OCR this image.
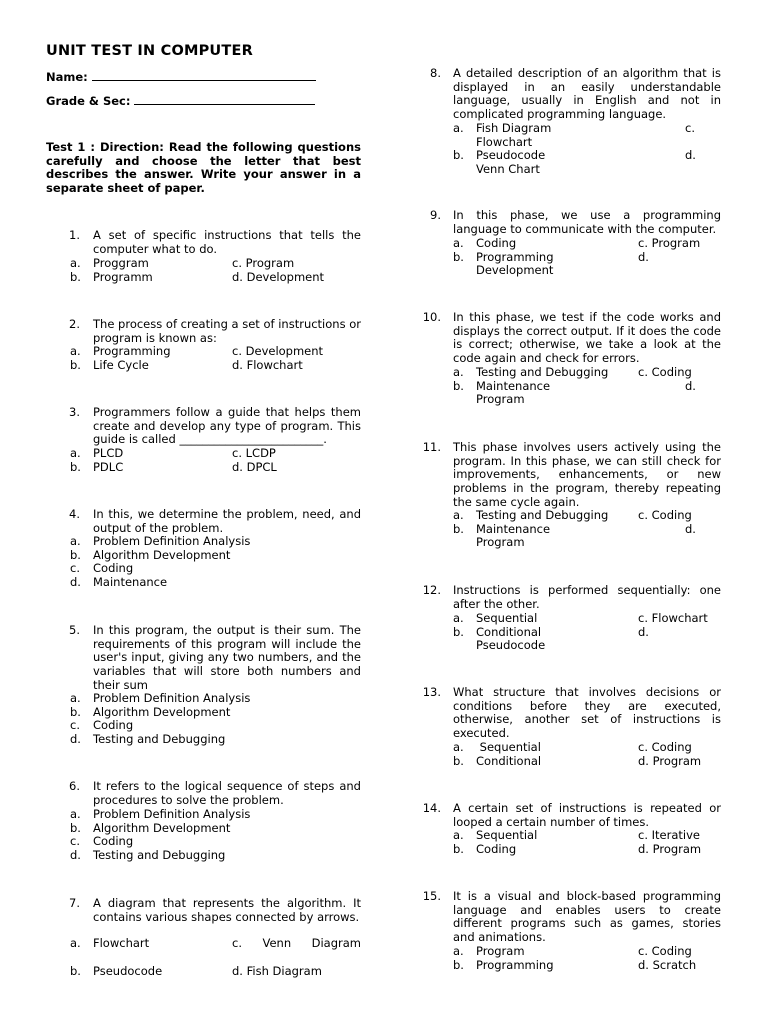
UNIT TEST IN COMPUTER
Name:
Grade & Sec:
Test 1 : Direction: Read the following questions carefully and choose the letter that best describes the answer. Write your answer in a separate sheet of paper.
1. A set of specific instructions that tells the computer what to do.
a. Proggram	c. Program
b. Programm	d. Development
2. The process of creating a set of instructions or program is known as:
a. Programming	c. Development
b. Life Cycle	d. Flowchart
3. Programmers follow a guide that helps them create and develop any type of program. This guide is called _________________________.
a. PLCD	c. LCDP
b. PDLC	d. DPCL
4. In this, we determine the problem, need, and output of the problem.
a. Problem Definition Analysis
b. Algorithm Development
c. Coding
d. Maintenance
5. In this program, the output is their sum. The requirements of this program will include the user's input, giving any two numbers, and the variables that will store both numbers and their sum
a. Problem Definition Analysis
b. Algorithm Development
c. Coding
d. Testing and Debugging
6. It refers to the logical sequence of steps and procedures to solve the problem.
a. Problem Definition Analysis
b. Algorithm Development
c. Coding
d. Testing and Debugging
7. A diagram that represents the algorithm. It contains various shapes connected by arrows.
a. Flowchart	c. Venn Diagram
b. Pseudocode	d. Fish Diagram
8. A detailed description of an algorithm that is displayed in an easily understandable language, usually in English and not in complicated programming language.
a. Fish Diagram	c.
Flowchart
b. Pseudocode	d.
Venn Chart
9. In this phase, we use a programming language to communicate with the computer.
a. Coding	c. Program
b. Programming	d.
Development
10. In this phase, we test if the code works and displays the correct output. If it does the code is correct; otherwise, we take a look at the code again and check for errors.
a. Testing and Debugging	c. Coding
b. Maintenance	d.
Program
11. This phase involves users actively using the program. In this phase, we can still check for improvements, enhancements, or new problems in the program, thereby repeating the same cycle again.
a. Testing and Debugging	c. Coding
b. Maintenance	d.
Program
12. Instructions is performed sequentially: one after the other.
a. Sequential	c. Flowchart
b. Conditional	d.
Pseudocode
13. What structure that involves decisions or conditions before they are executed, otherwise, another set of instructions is executed.
a. Sequential	c. Coding
b. Conditional	d. Program
14. A certain set of instructions is repeated or looped a certain number of times.
a. Sequential	c. Iterative
b. Coding	d. Program
15. It is a visual and block-based programming language and enables users to create different programs such as games, stories and animations.
a. Program	c. Coding
b. Programming	d. Scratch
